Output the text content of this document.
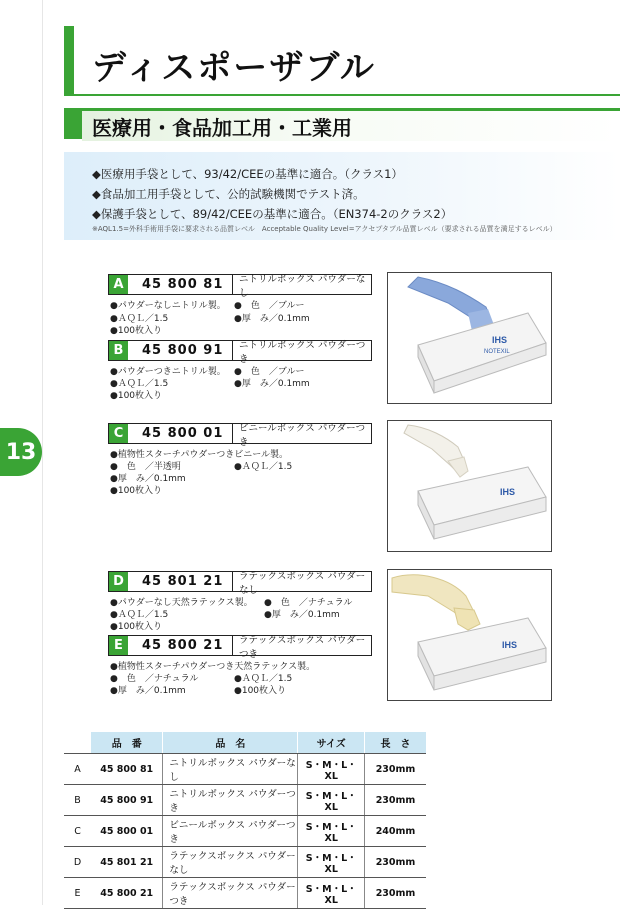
13
ディスポーザブル
医療用・食品加工用・工業用
◆医療用手袋として、93/42/CEEの基準に適合。（クラス1）
◆食品加工用手袋として、公的試験機関でテスト済。
◆保護手袋として、89/42/CEEの基準に適合。（EN374-2のクラス2）
※AQL1.5=外科手術用手袋に要求される品質レベル　Acceptable Quality Level=アクセプタブル品質レベル（要求される品質を満足するレベル）
A	45 800 81	ニトリルボックス パウダーなし
●パウダーなしニトリル製。 ●　色　／ブルー
●ＡＱＬ／1.5	●厚　み／0.1mm
●100枚入り
B	45 800 91	ニトリルボックス パウダーつき
●パウダーつきニトリル製。 ●　色　／ブルー
●ＡＱＬ／1.5	●厚　み／0.1mm
●100枚入り
IHS
NOTEXIL
C	45 800 01	ビニールボックス パウダーつき
●植物性スターチパウダーつきビニール製。
●　色　／半透明	●ＡＱＬ／1.5
●厚　み／0.1mm
●100枚入り	IHS
D	45 801 21	ラテックスボックス パウダーなし
●パウダーなし天然ラテックス製。 ●　色　／ナチュラル
●ＡＱＬ／1.5	●厚　み／0.1mm
●100枚入り
E	45 800 21	ラテックスボックス パウダーつき
●植物性スターチパウダーつき天然ラテックス製。
●　色　／ナチュラル	●ＡＱＬ／1.5
●厚　み／0.1mm	●100枚入り
IHS
	品　番	品　名	サイズ	長　さ
A	45 800 81	ニトリルボックス パウダーなし	S・M・L・XL	230mm
B	45 800 91	ニトリルボックス パウダーつき	S・M・L・XL	230mm
C	45 800 01	ビニールボックス パウダーつき	S・M・L・XL	240mm
D	45 801 21	ラテックスボックス パウダーなし	S・M・L・XL	230mm
E	45 800 21	ラテックスボックス パウダーつき	S・M・L・XL	230mm
